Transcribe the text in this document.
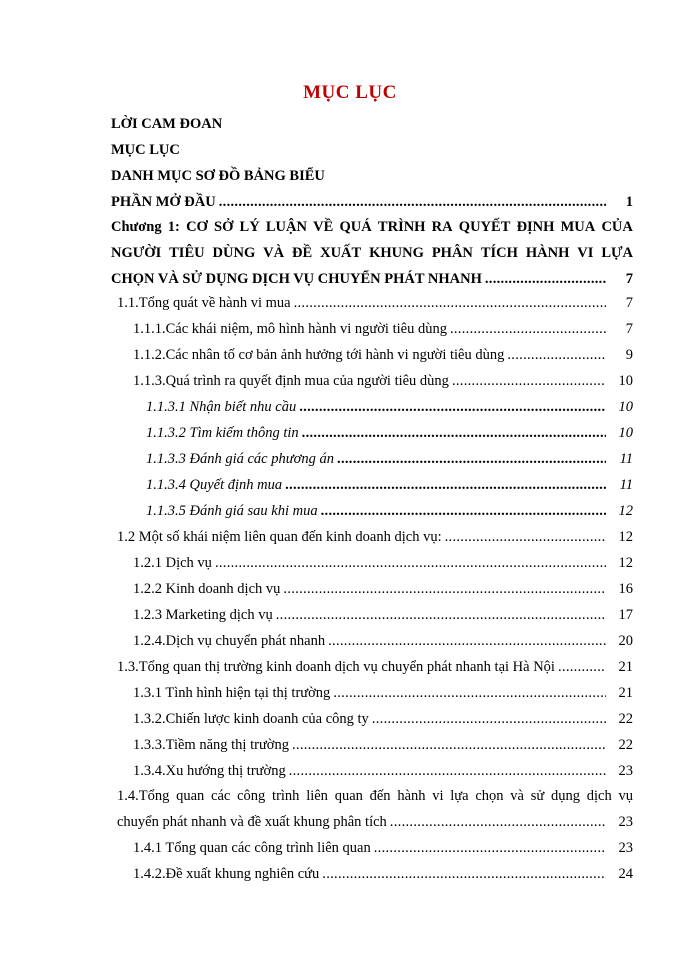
MỤC LỤC
LỜI CAM ĐOAN
MỤC LỤC
DANH MỤC SƠ ĐỒ BẢNG BIỂU
PHẦN MỞ ĐẦU .....	1
Chương 1: CƠ SỞ LÝ LUẬN VỀ QUÁ TRÌNH RA QUYẾT ĐỊNH MUA CỦA
NGƯỜI TIÊU DÙNG VÀ ĐỀ XUẤT KHUNG PHÂN TÍCH HÀNH VI LỰA
CHỌN VÀ SỬ DỤNG DỊCH VỤ CHUYỂN PHÁT NHANH .....	7
1.1.Tổng quát về hành vi mua .....	7
1.1.1.Các khái niệm, mô hình hành vi người tiêu dùng .....	7
1.1.2.Các nhân tố cơ bản ảnh hưởng tới hành vi người tiêu dùng .....	9
1.1.3.Quá trình ra quyết định mua của người tiêu dùng .....	10
1.1.3.1 Nhận biết nhu cầu .....	10
1.1.3.2 Tìm kiếm thông tin .....	10
1.1.3.3 Đánh giá các phương án .....	11
1.1.3.4 Quyết định mua .....	11
1.1.3.5 Đánh giá sau khi mua .....	12
1.2 Một số khái niệm liên quan đến kinh doanh dịch vụ: .....	12
1.2.1 Dịch vụ .....	12
1.2.2 Kinh doanh dịch vụ .....	16
1.2.3 Marketing dịch vụ .....	17
1.2.4.Dịch vụ chuyển phát nhanh .....	20
1.3.Tổng quan thị trường kinh doanh dịch vụ chuyển phát nhanh tại Hà Nội .....	21
1.3.1 Tình hình hiện tại thị trường .....	21
1.3.2.Chiến lược kinh doanh của công ty .....	22
1.3.3.Tiềm năng thị trường .....	22
1.3.4.Xu hướng thị trường .....	23
1.4.Tổng quan các công trình liên quan đến hành vi lựa chọn và sử dụng dịch vụ
chuyển phát nhanh và đề xuất khung phân tích .....	23
1.4.1 Tổng quan các công trình liên quan .....	23
1.4.2.Đề xuất khung nghiên cứu .....	24
